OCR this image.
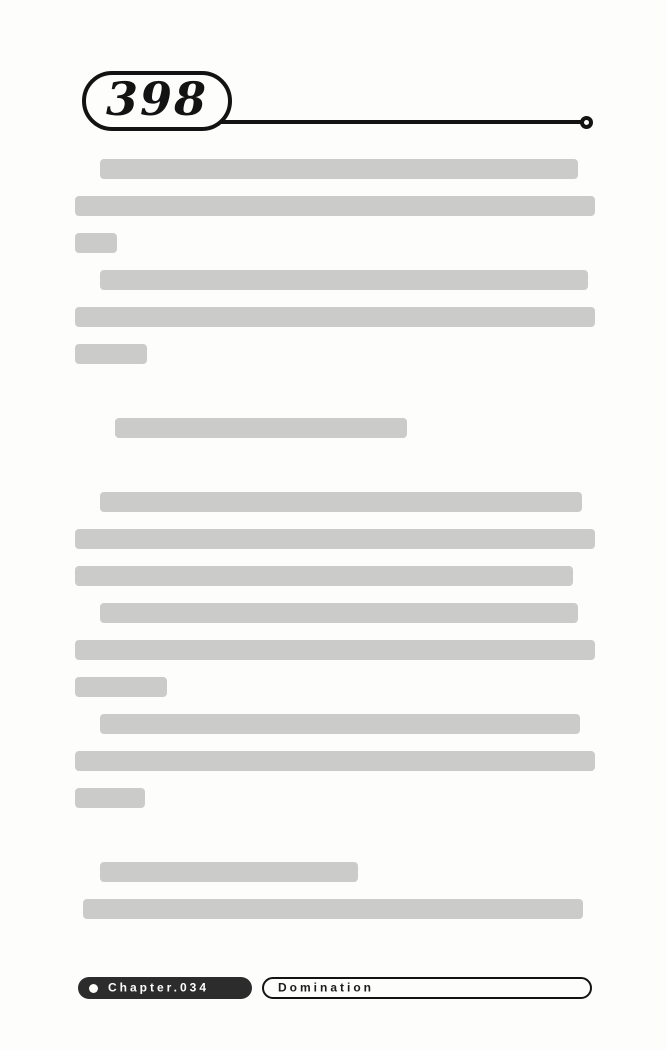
398
Chapter.034	Domination
